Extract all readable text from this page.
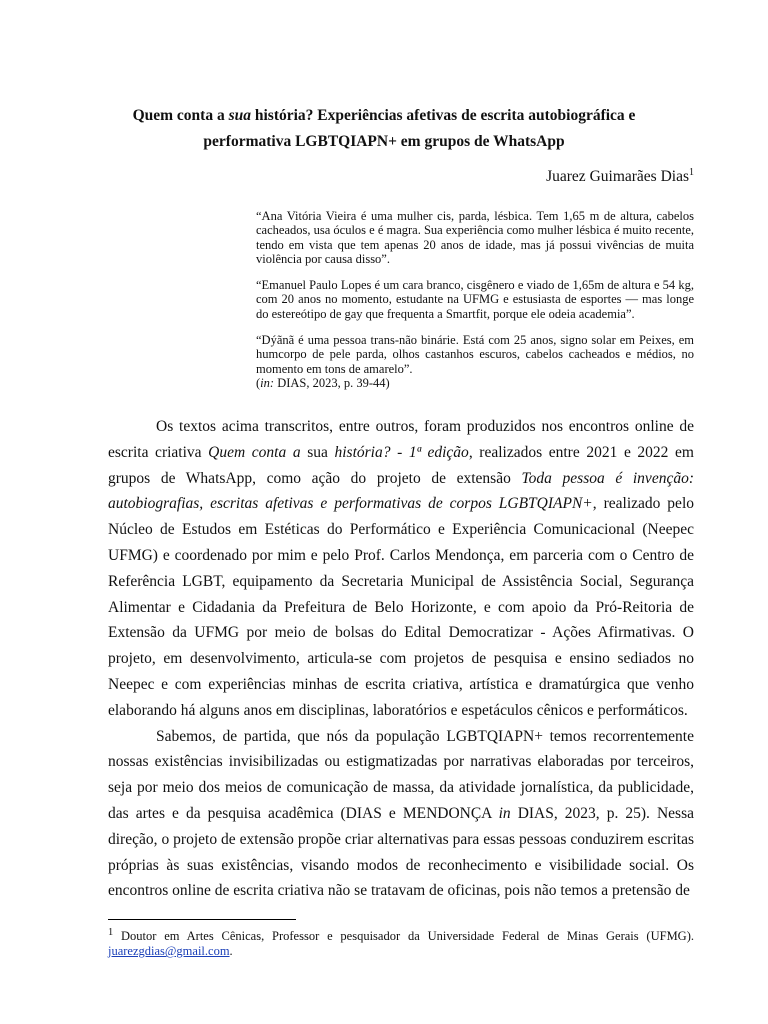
Quem conta a sua história? Experiências afetivas de escrita autobiográfica e performativa LGBTQIAPN+ em grupos de WhatsApp

Juarez Guimarães Dias$^1$

“Ana Vitória Vieira é uma mulher cis, parda, lésbica. Tem 1,65 m de altura, cabelos cacheados, usa óculos e é magra. Sua experiência como mulher lésbica é muito recente, tendo em vista que tem apenas 20 anos de idade, mas já possui vivências de muita violência por causa disso”.

“Emanuel Paulo Lopes é um cara branco, cisgênero e viado de 1,65m de altura e 54 kg, com 20 anos no momento, estudante na UFMG e estusiasta de esportes — mas longe do estereótipo de gay que frequenta a Smartfit, porque ele odeia academia”.

“Dýãnã é uma pessoa trans-não binárie. Está com 25 anos, signo solar em Peixes, em humcorpo de pele parda, olhos castanhos escuros, cabelos cacheados e médios, no momento em tons de amarelo”.

(in: DIAS, 2023, p. 39-44)

Os textos acima transcritos, entre outros, foram produzidos nos encontros online de escrita criativa Quem conta a sua história? - 1ª edição, realizados entre 2021 e 2022 em grupos de WhatsApp, como ação do projeto de extensão Toda pessoa é invenção: autobiografias, escritas afetivas e performativas de corpos LGBTQIAPN+, realizado pelo Núcleo de Estudos em Estéticas do Performático e Experiência Comunicacional (Neepec UFMG) e coordenado por mim e pelo Prof. Carlos Mendonça, em parceria com o Centro de Referência LGBT, equipamento da Secretaria Municipal de Assistência Social, Segurança Alimentar e Cidadania da Prefeitura de Belo Horizonte, e com apoio da Pró-Reitoria de Extensão da UFMG por meio de bolsas do Edital Democratizar - Ações Afirmativas. O projeto, em desenvolvimento, articula-se com projetos de pesquisa e ensino sediados no Neepec e com experiências minhas de escrita criativa, artística e dramatúrgica que venho elaborando há alguns anos em disciplinas, laboratórios e espetáculos cênicos e performáticos.

Sabemos, de partida, que nós da população LGBTQIAPN+ temos recorrentemente nossas existências invisibilizadas ou estigmatizadas por narrativas elaboradas por terceiros, seja por meio dos meios de comunicação de massa, da atividade jornalística, da publicidade, das artes e da pesquisa acadêmica (DIAS e MENDONÇA in DIAS, 2023, p. 25). Nessa direção, o projeto de extensão propõe criar alternativas para essas pessoas conduzirem escritas próprias às suas existências, visando modos de reconhecimento e visibilidade social. Os encontros online de escrita criativa não se tratavam de oficinas, pois não temos a pretensão de

$^1$ Doutor em Artes Cênicas, Professor e pesquisador da Universidade Federal de Minas Gerais (UFMG). juarezgdias@gmail.com.
